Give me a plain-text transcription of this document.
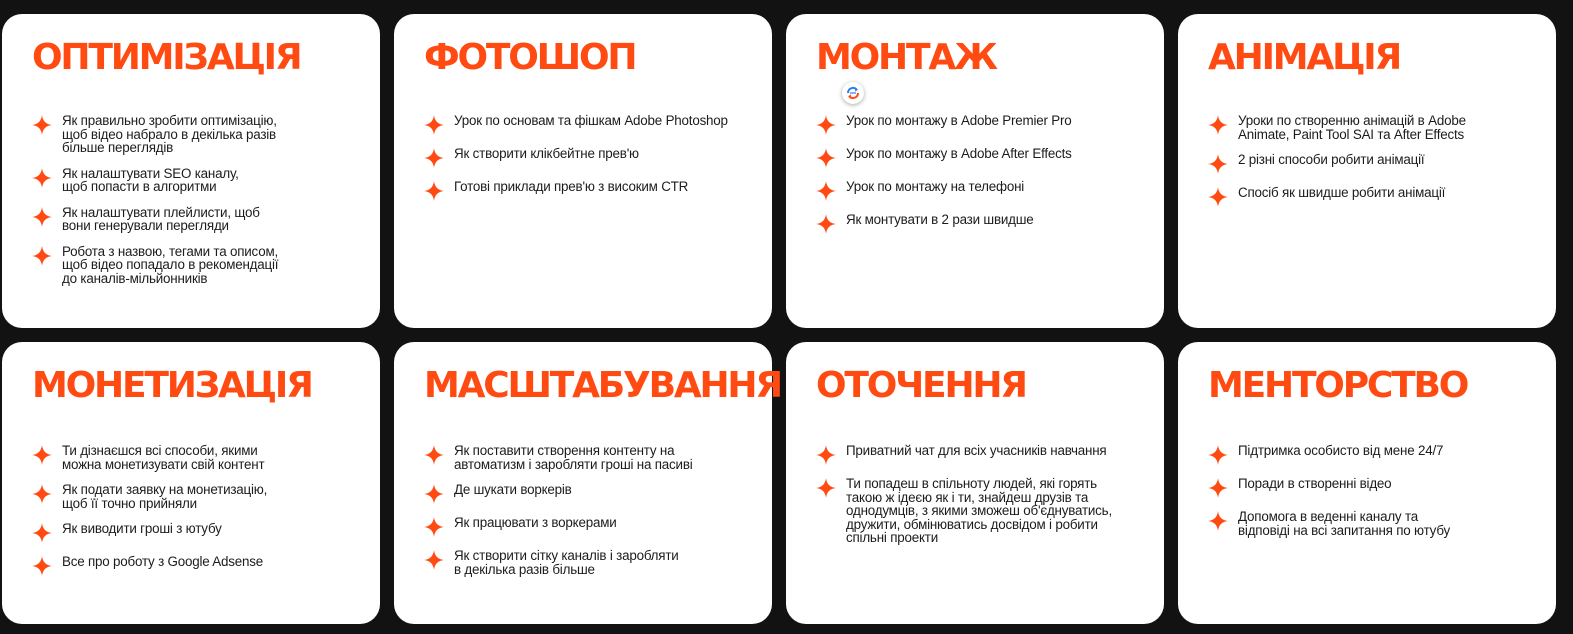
ОПТИМІЗАЦІЯ
Як правильно зробити оптимізацію,
щоб відео набрало в декілька разів
більше переглядів
Як налаштувати SEO каналу,
щоб попасти в алгоритми
Як налаштувати плейлисти, щоб
вони генерували перегляди
Робота з назвою, тегами та описом,
щоб відео попадало в рекомендації
до каналів-мільйонників
ФОТОШОП
Урок по основам та фішкам Adobe Photoshop
Як створити клікбейтне прев'ю
Готові приклади прев'ю з високим CTR
МОНТАЖ
Урок по монтажу в Adobe Premier Pro
Урок по монтажу в Adobe After Effects
Урок по монтажу на телефоні
Як монтувати в 2 рази швидше
АНІМАЦІЯ
Уроки по створенню анімацій в Adobe
Animate, Paint Tool SAI та After Effects
2 різні способи робити анімації
Спосіб як швидше робити анімації
МОНЕТИЗАЦІЯ
Ти дізнаєшся всі способи, якими
можна монетизувати свій контент
Як подати заявку на монетизацію,
щоб її точно прийняли
Як виводити гроші з ютубу
Все про роботу з Google Adsense
МАСШТАБУВАННЯ
Як поставити створення контенту на
автоматизм і заробляти гроші на пасиві
Де шукати воркерів
Як працювати з воркерами
Як створити сітку каналів і заробляти
в декілька разів більше
ОТОЧЕННЯ
Приватний чат для всіх учасників навчання
Ти попадеш в спільноту людей, які горять
такою ж ідеєю як і ти, знайдеш друзів та
однодумців, з якими зможеш об'єднуватись,
дружити, обмінюватись досвідом і робити
спільні проекти
МЕНТОРСТВО
Підтримка особисто від мене 24/7
Поради в створенні відео
Допомога в веденні каналу та
відповіді на всі запитання по ютубу
